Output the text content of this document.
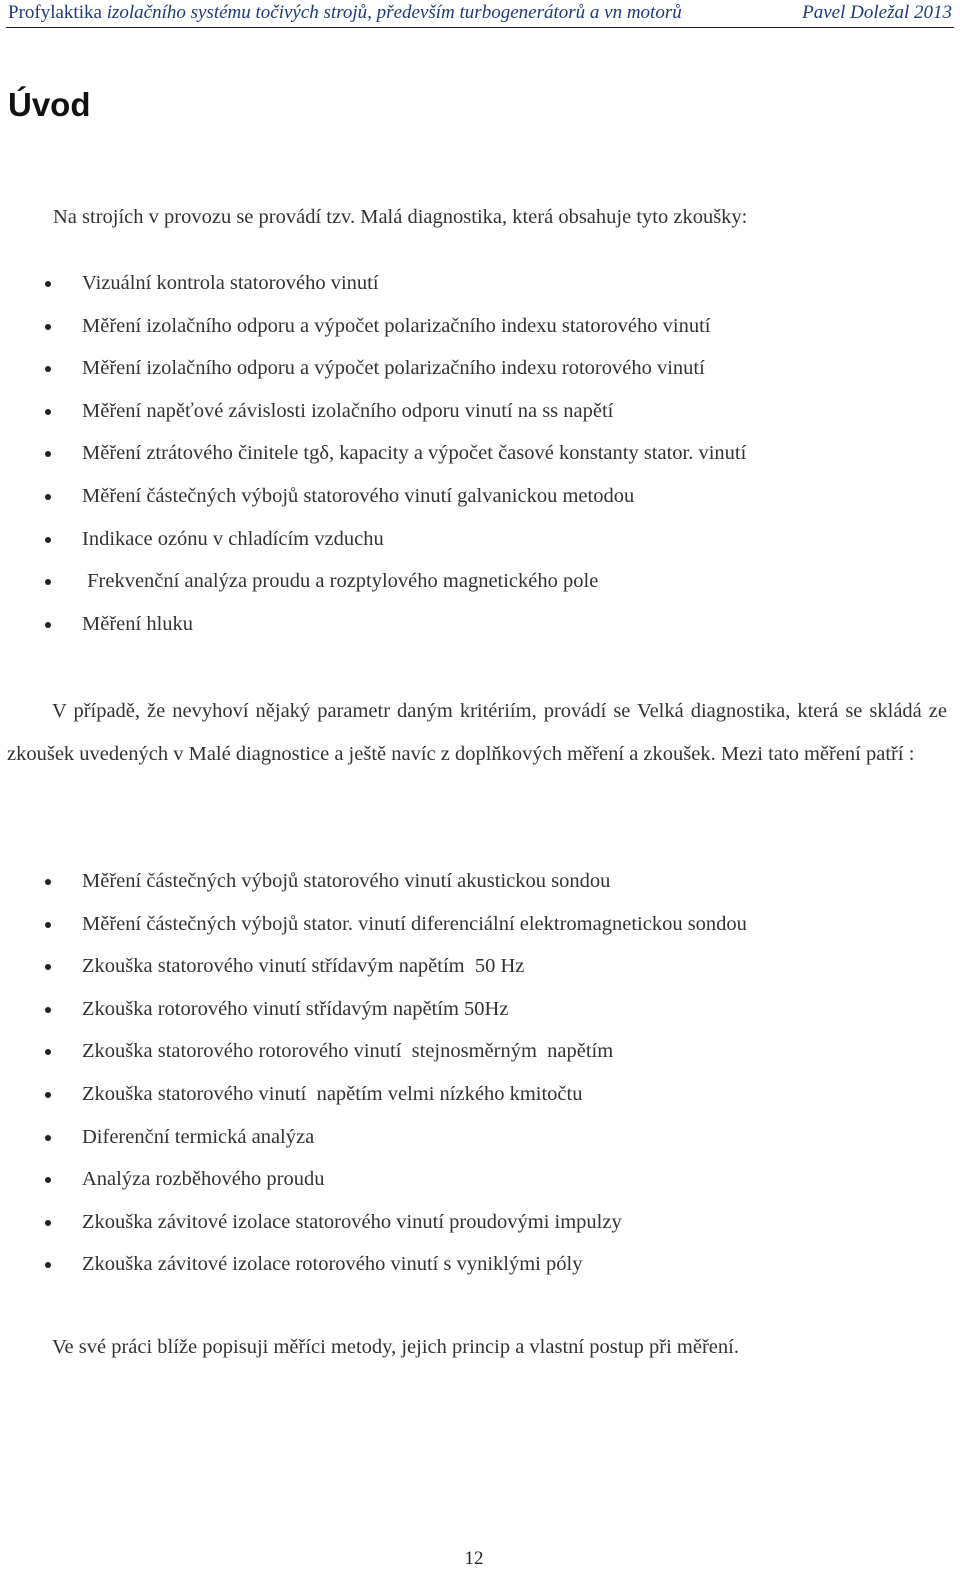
Profylaktika izolačního systému točivých strojů, především turbogenerátorů a vn motorů	Pavel Doležal 2013
Úvod

Na strojích v provozu se provádí tzv. Malá diagnostika, která obsahuje tyto zkoušky:

Vizuální kontrola statorového vinutí
Měření izolačního odporu a výpočet polarizačního indexu statorového vinutí
Měření izolačního odporu a výpočet polarizačního indexu rotorového vinutí
Měření napěťové závislosti izolačního odporu vinutí na ss napětí
Měření ztrátového činitele tgδ, kapacity a výpočet časové konstanty stator. vinutí
Měření částečných výbojů statorového vinutí galvanickou metodou
Indikace ozónu v chladícím vzduchu
Frekvenční analýza proudu a rozptylového magnetického pole
Měření hluku

V případě, že nevyhoví nějaký parametr daným kritériím, provádí se Velká diagnostika, která se skládá ze zkoušek uvedených v Malé diagnostice a ještě navíc z doplňkových měření a zkoušek. Mezi tato měření patří :

Měření částečných výbojů statorového vinutí akustickou sondou
Měření částečných výbojů stator. vinutí diferenciální elektromagnetickou sondou
Zkouška statorového vinutí střídavým napětím  50 Hz
Zkouška rotorového vinutí střídavým napětím 50Hz
Zkouška statorového rotorového vinutí  stejnosměrným  napětím
Zkouška statorového vinutí  napětím velmi nízkého kmitočtu
Diferenční termická analýza
Analýza rozběhového proudu
Zkouška závitové izolace statorového vinutí proudovými impulzy
Zkouška závitové izolace rotorového vinutí s vyniklými póly

Ve své práci blíže popisuji měříci metody, jejich princip a vlastní postup při měření.

12
